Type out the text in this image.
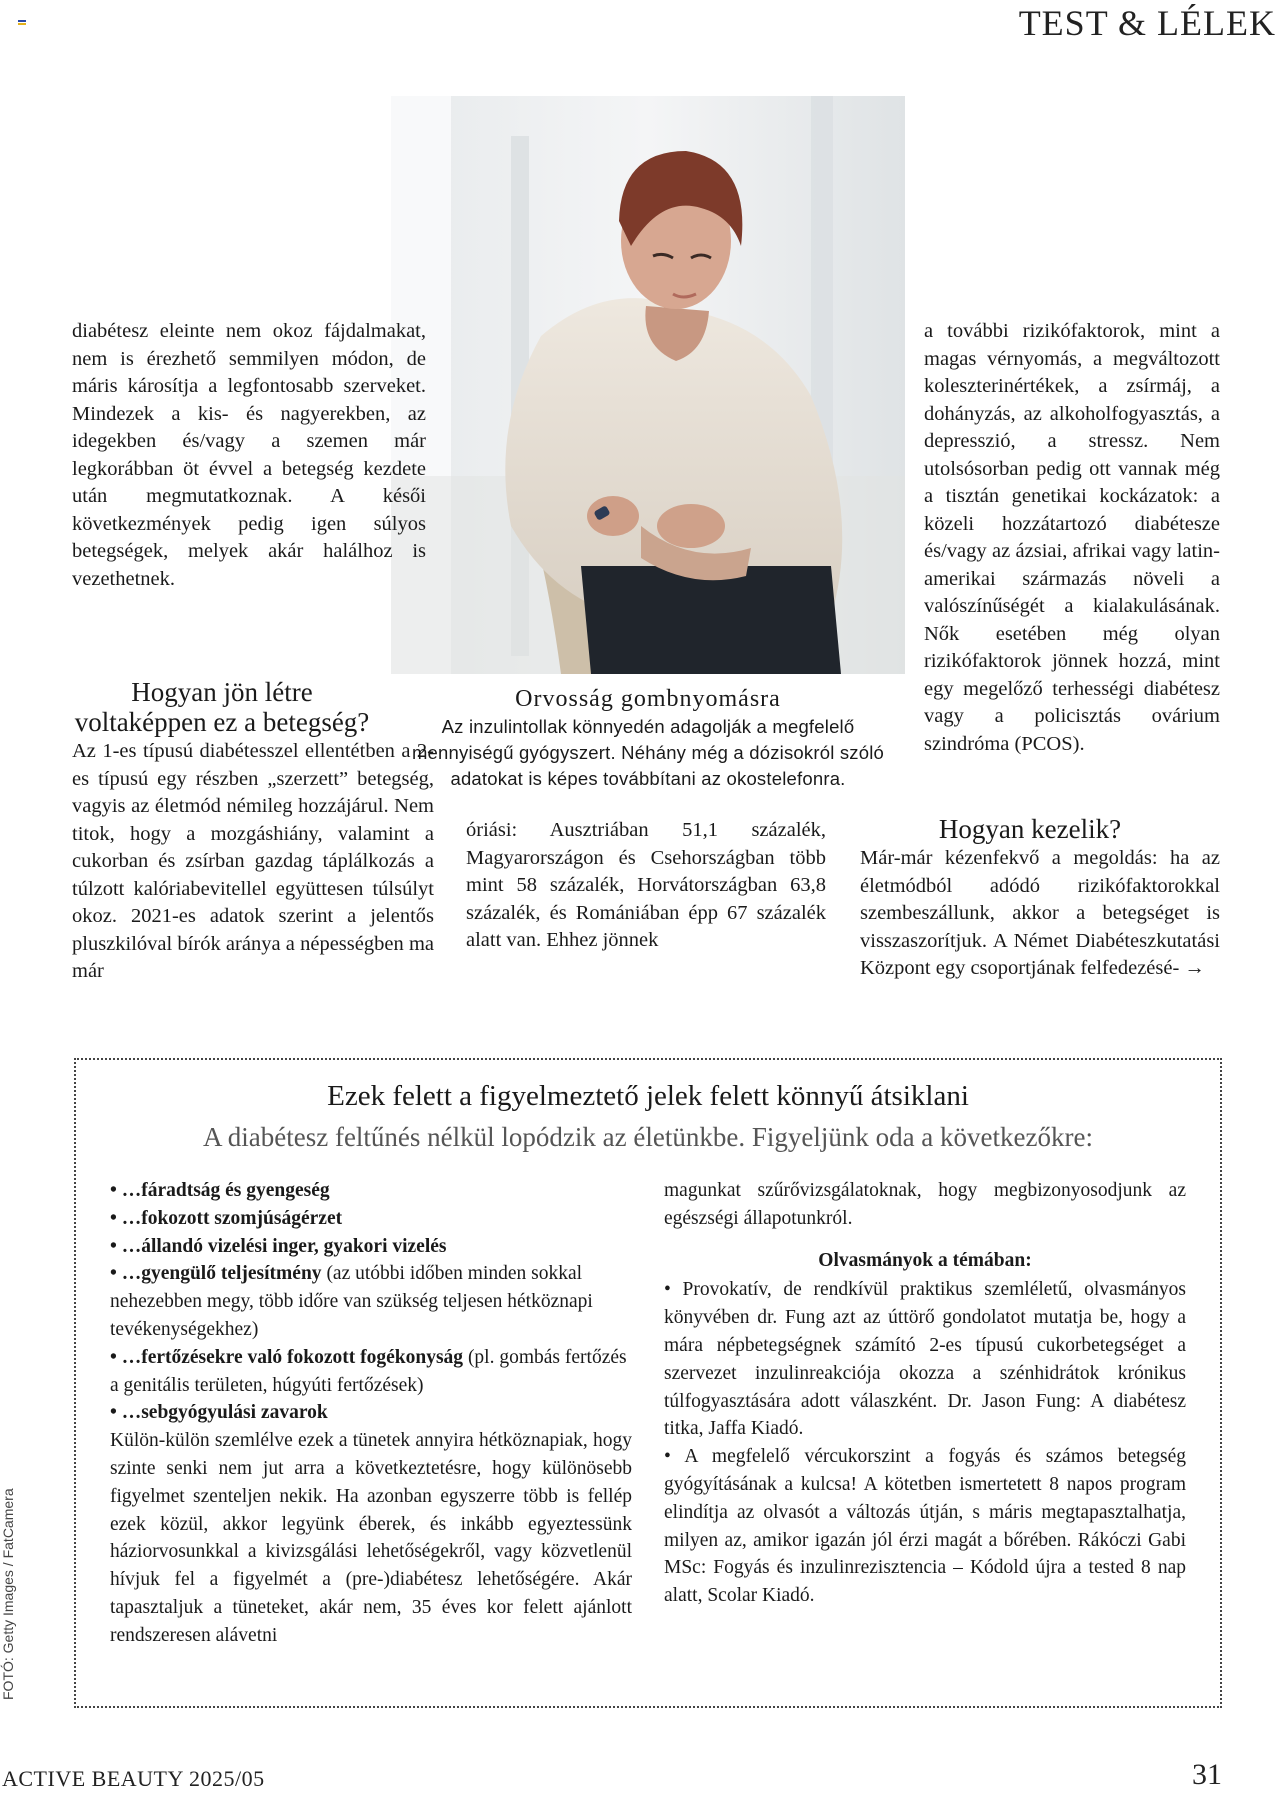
TEST & LÉLEK

diabétesz eleinte nem okoz fájdalmakat, nem is érezhető semmilyen módon, de máris károsítja a legfontosabb szerveket. Mindezek a kis- és nagyerekben, az idegekben és/vagy a szemen már legkorábban öt évvel a betegség kezdete után megmutatkoznak. A késői következmények pedig igen súlyos betegségek, melyek akár halálhoz is vezethetnek.

Hogyan jön létre voltaképpen ez a betegség?

Az 1-es típusú diabétesszel ellentétben a 2-es típusú egy részben „szerzett” betegség, vagyis az életmód némileg hozzájárul. Nem titok, hogy a mozgáshiány, valamint a cukorban és zsírban gazdag táplálkozás a túlzott kalóriabevitellel együttesen túlsúlyt okoz. 2021-es adatok szerint a jelentős pluszkilóval bírók aránya a népességben ma már

Orvosság gombnyomásra
Az inzulintollak könnyedén adagolják a megfelelő mennyiségű gyógyszert. Néhány még a dózisokról szóló adatokat is képes továbbítani az okostelefonra.

óriási: Ausztriában 51,1 százalék, Magyarországon és Csehországban több mint 58 százalék, Horvátországban 63,8 százalék, és Romániában épp 67 százalék alatt van. Ehhez jönnek

a további rizikófaktorok, mint a magas vérnyomás, a megváltozott koleszterinértékek, a zsírmáj, a dohányzás, az alkoholfogyasztás, a depresszió, a stressz. Nem utolsósorban pedig ott vannak még a tisztán genetikai kockázatok: a közeli hozzátartozó diabétesze és/vagy az ázsiai, afrikai vagy latin-amerikai származás növeli a valószínűségét a kialakulásának. Nők esetében még olyan rizikófaktorok jönnek hozzá, mint egy megelőző terhességi diabétesz vagy a policisztás ovárium szindróma (PCOS).

Hogyan kezelik?

Már-már kézenfekvő a megoldás: ha az életmódból adódó rizikófaktorokkal szembeszállunk, akkor a betegséget is visszaszorítjuk. A Német Diabéteszkutatási Központ egy csoportjának felfedezésé- →

Ezek felett a figyelmeztető jelek felett könnyű átsiklani
A diabétesz feltűnés nélkül lopódzik az életünkbe. Figyeljünk oda a következőkre:

• …fáradtság és gyengeség

• …fokozott szomjúságérzet

• …állandó vizelési inger, gyakori vizelés

• …gyengülő teljesítmény (az utóbbi időben minden sokkal nehezebben megy, több időre van szükség teljesen hétköznapi tevékenységekhez)

• …fertőzésekre való fokozott fogékonyság (pl. gombás fertőzés a genitális területen, húgyúti fertőzések)

• …sebgyógyulási zavarok

Külön-külön szemlélve ezek a tünetek annyira hétköznapiak, hogy szinte senki nem jut arra a következtetésre, hogy különösebb figyelmet szenteljen nekik. Ha azonban egyszerre több is fellép ezek közül, akkor legyünk éberek, és inkább egyeztessünk háziorvosunkkal a kivizsgálási lehetőségekről, vagy közvetlenül hívjuk fel a figyelmét a (pre-)diabétesz lehetőségére. Akár tapasztaljuk a tüneteket, akár nem, 35 éves kor felett ajánlott rendszeresen alávetni

magunkat szűrővizsgálatoknak, hogy megbizonyosodjunk az egészségi állapotunkról.

Olvasmányok a témában:

• Provokatív, de rendkívül praktikus szemléletű, olvasmányos könyvében dr. Fung azt az úttörő gondolatot mutatja be, hogy a mára népbetegségnek számító 2-es típusú cukorbetegséget a szervezet inzulinreakciója okozza a szénhidrátok krónikus túlfogyasztására adott válaszként. Dr. Jason Fung: A diabétesz titka, Jaffa Kiadó.

• A megfelelő vércukorszint a fogyás és számos betegség gyógyításának a kulcsa! A kötetben ismertetett 8 napos program elindítja az olvasót a változás útján, s máris megtapasztalhatja, milyen az, amikor igazán jól érzi magát a bőrében. Rákóczi Gabi MSc: Fogyás és inzulinrezisztencia – Kódold újra a tested 8 nap alatt, Scolar Kiadó.

FOTÓ: Getty Images / FatCamera
ACTIVE BEAUTY 2025/05	31
